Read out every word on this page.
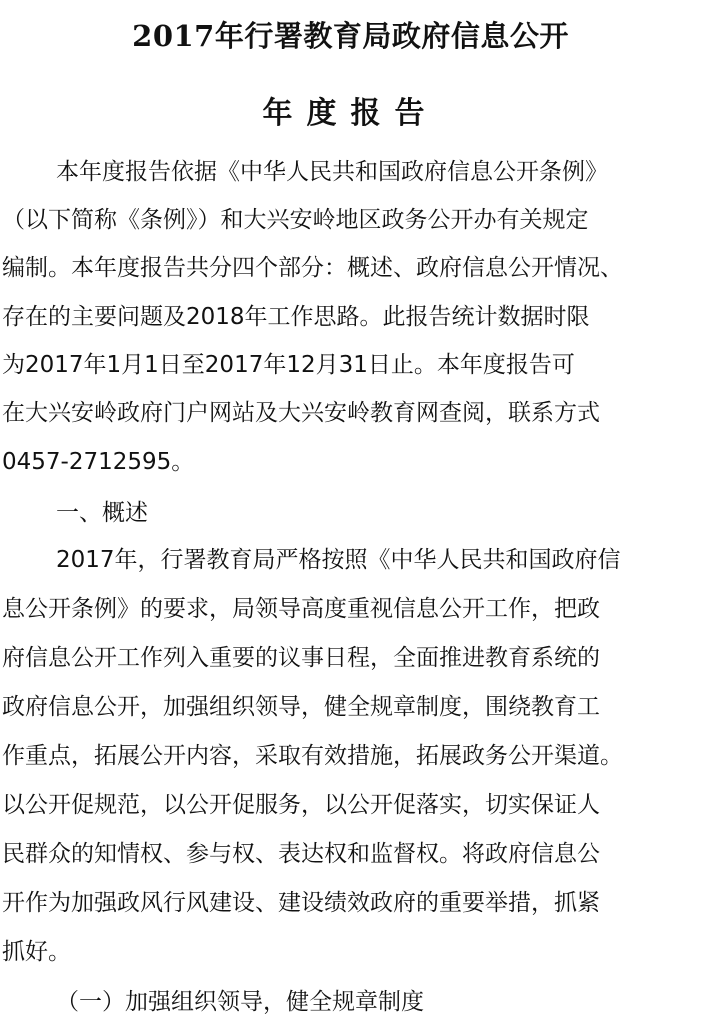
2017年行署教育局政府信息公开
年度报告
本年度报告依据《中华人民共和国政府信息公开条例》
（以下简称《条例》）和大兴安岭地区政务公开办有关规定
编制。本年度报告共分四个部分：概述、政府信息公开情况、
存在的主要问题及2018年工作思路。此报告统计数据时限
为2017年1月1日至2017年12月31日止。本年度报告可
在大兴安岭政府门户网站及大兴安岭教育网查阅，联系方式
0457-2712595。
一、概述
2017年，行署教育局严格按照《中华人民共和国政府信
息公开条例》的要求，局领导高度重视信息公开工作，把政
府信息公开工作列入重要的议事日程，全面推进教育系统的
政府信息公开，加强组织领导，健全规章制度，围绕教育工
作重点，拓展公开内容，采取有效措施，拓展政务公开渠道。
以公开促规范，以公开促服务，以公开促落实，切实保证人
民群众的知情权、参与权、表达权和监督权。将政府信息公
开作为加强政风行风建设、建设绩效政府的重要举措，抓紧
抓好。
（一）加强组织领导，健全规章制度
